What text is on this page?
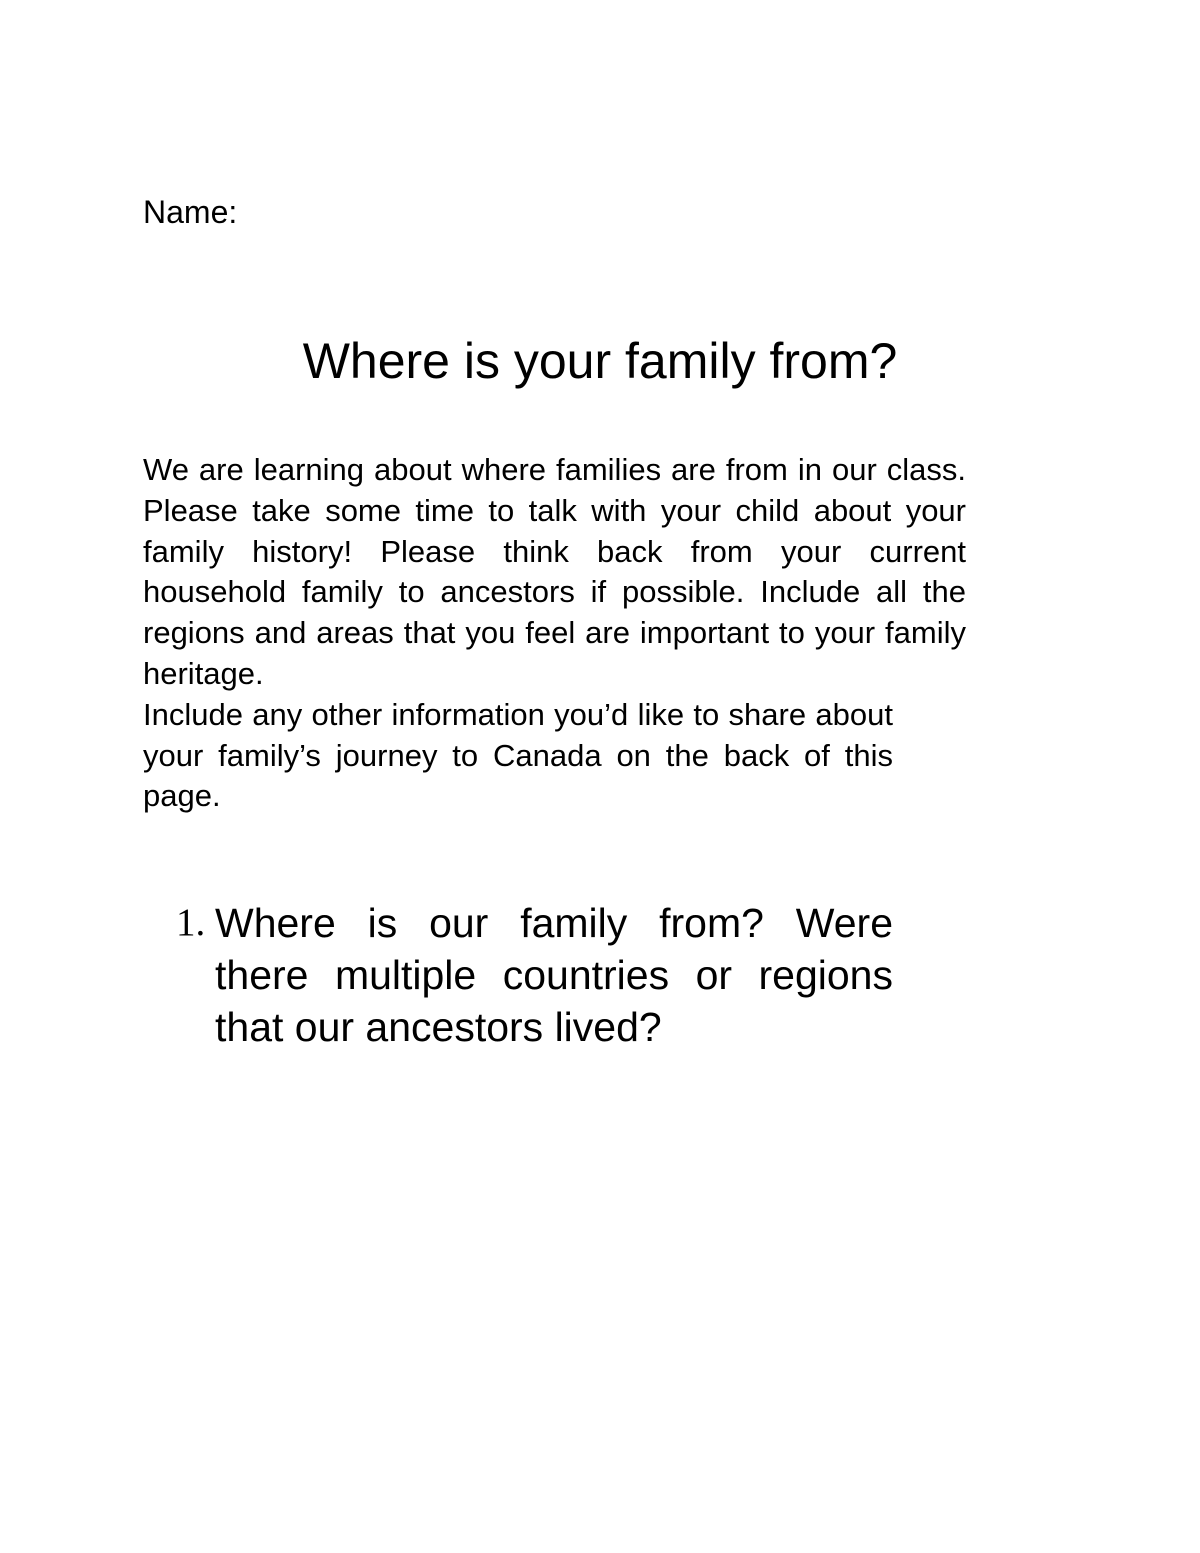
Name:
Where is your family from?

We are learning about where families are from in our class. Please take some time to talk with your child about your family history! Please think back from your current household family to ancestors if possible. Include all the regions and areas that you feel are important to your family heritage.

Include any other information you’d like to share about your family’s journey to Canada on the back of this page.

1. Where is our family from? Were there multiple countries or regions that our ancestors lived?
